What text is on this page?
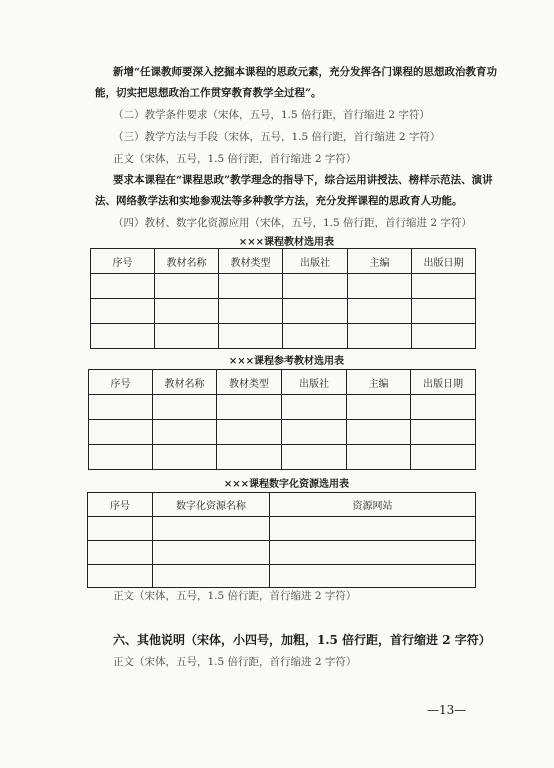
新增“任课教师要深入挖掘本课程的思政元素，充分发挥各门课程的思想政治教育功
能，切实把思想政治工作贯穿教育教学全过程”。
（二）教学条件要求（宋体，五号，1.5 倍行距，首行缩进 2 字符）
（三）教学方法与手段（宋体，五号，1.5 倍行距，首行缩进 2 字符）
正文（宋体，五号，1.5 倍行距，首行缩进 2 字符）
要求本课程在“课程思政”教学理念的指导下，综合运用讲授法、榜样示范法、演讲
法、网络教学法和实地参观法等多种教学方法，充分发挥课程的思政育人功能。
（四）教材、数字化资源应用（宋体，五号，1.5 倍行距，首行缩进 2 字符）
×××课程教材选用表
序号	教材名称	教材类型	出版社	主编	出版日期

×××课程参考教材选用表
序号	教材名称	教材类型	出版社	主编	出版日期

×××课程数字化资源选用表
序号	数字化资源名称	资源网站

正文（宋体，五号，1.5 倍行距，首行缩进 2 字符）
六、其他说明（宋体，小四号，加粗，1.5 倍行距，首行缩进 2 字符）
正文（宋体，五号，1.5 倍行距，首行缩进 2 字符）
—13—
